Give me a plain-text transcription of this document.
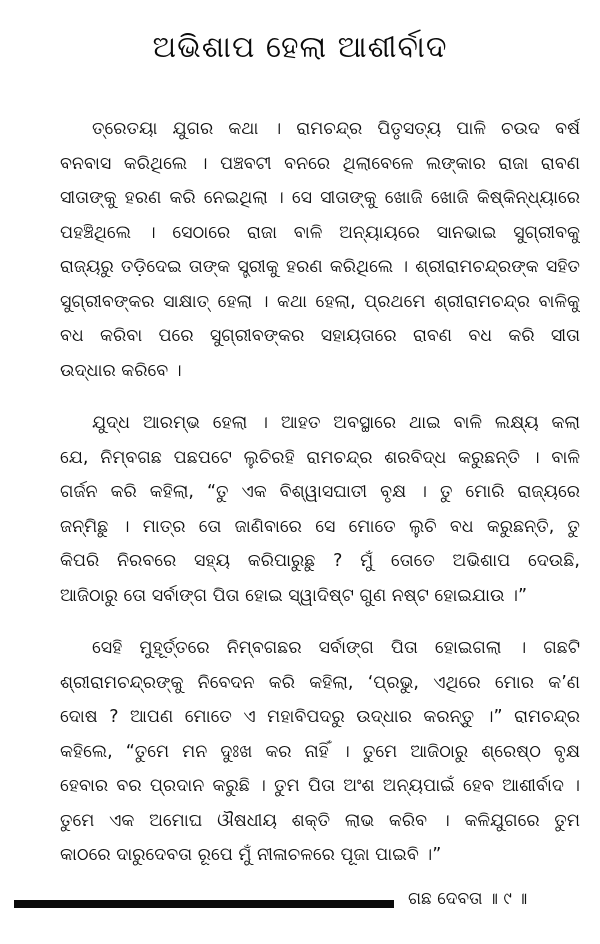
ଅଭିଶାପ ହେଲା ଆଶୀର୍ବାଦ
ତ୍ରେତୟା ଯୁଗର କଥା । ରାମଚନ୍ଦ୍ର ପିତୃସତ୍ୟ ପାଳି ଚଉଦ ବର୍ଷ
ବନବାସ କରିଥିଲେ । ପଞ୍ଚବଟୀ ବନରେ ଥିଲାବେଳେ ଲଙ୍କାର ରାଜା ରାବଣ
ସୀତାଙ୍କୁ ହରଣ କରି ନେଇଥିଲା । ସେ ସୀତାଙ୍କୁ ଖୋଜି ଖୋଜି କିଷ୍କିନ୍ଧ୍ୟାରେ
ପହଞ୍ଚିଥିଲେ । ସେଠାରେ ରାଜା ବାଳି ଅନ୍ୟାୟରେ ସାନଭାଇ ସୁଗ୍ରୀବକୁ
ରାଜ୍ୟରୁ ତଡ଼ିଦେଇ ତାଙ୍କ ସ୍ତ୍ରୀକୁ ହରଣ କରିଥିଲେ । ଶ୍ରୀରାମଚନ୍ଦ୍ରଙ୍କ ସହିତ
ସୁଗ୍ରୀବଙ୍କର ସାକ୍ଷାତ୍ ହେଲା । କଥା ହେଲା, ପ୍ରଥମେ ଶ୍ରୀରାମଚନ୍ଦ୍ର ବାଳିକୁ
ବଧ କରିବା ପରେ ସୁଗ୍ରୀବଙ୍କର ସହାୟତାରେ ରାବଣ ବଧ କରି ସୀତା
ଉଦ୍ଧାର କରିବେ ।
ଯୁଦ୍ଧ ଆରମ୍ଭ ହେଲା । ଆହତ ଅବସ୍ଥାରେ ଥାଇ ବାଳି ଲକ୍ଷ୍ୟ କଲା
ଯେ, ନିମ୍ବଗଛ ପଛପଟେ ଲୁଚିରହି ରାମଚନ୍ଦ୍ର ଶରବିଦ୍ଧ କରୁଛନ୍ତି । ବାଳି
ଗର୍ଜନ କରି କହିଲା, “ତୁ ଏକ ବିଶ୍ୱାସଘାତୀ ବୃକ୍ଷ । ତୁ ମୋରି ରାଜ୍ୟରେ
ଜନ୍ମିଛୁ । ମାତ୍ର ତୋ ଜାଣିବାରେ ସେ ମୋତେ ଲୁଚି ବଧ କରୁଛନ୍ତି, ତୁ
କିପରି ନିରବରେ ସହ୍ୟ କରିପାରୁଛୁ ? ମୁଁ ତୋତେ ଅଭିଶାପ ଦେଉଛି,
ଆଜିଠାରୁ ତୋ ସର୍ବାଙ୍ଗ ପିତା ହୋଇ ସ୍ୱାଦିଷ୍ଟ ଗୁଣ ନଷ୍ଟ ହୋଇଯାଉ ।”
ସେହି ମୁହୂର୍ତ୍ତରେ ନିମ୍ବଗଛର ସର୍ବାଙ୍ଗ ପିତା ହୋଇଗଲା । ଗଛଟି
ଶ୍ରୀରାମଚନ୍ଦ୍ରଙ୍କୁ ନିବେଦନ କରି କହିଲା, ‘ପ୍ରଭୁ, ଏଥିରେ ମୋର କ’ଣ
ଦୋଷ ? ଆପଣ ମୋତେ ଏ ମହାବିପଦରୁ ଉଦ୍ଧାର କରନ୍ତୁ ।” ରାମଚନ୍ଦ୍ର
କହିଲେ, “ତୁମେ ମନ ଦୁଃଖ କର ନାହିଁ । ତୁମେ ଆଜିଠାରୁ ଶ୍ରେଷ୍ଠ ବୃକ୍ଷ
ହେବାର ବର ପ୍ରଦାନ କରୁଛି । ତୁମ ପିତା ଅଂଶ ଅନ୍ୟପାଇଁ ହେବ ଆଶୀର୍ବାଦ ।
ତୁମେ ଏକ ଅମୋଘ ଔଷଧୀୟ ଶକ୍ତି ଲାଭ କରିବ । କଳିଯୁଗରେ ତୁମ
କାଠରେ ଦାରୁଦେବତା ରୂପେ ମୁଁ ନୀଳାଚଳରେ ପୂଜା ପାଇବି ।”
ଗଛ ଦେବତା ॥ ୯ ॥
